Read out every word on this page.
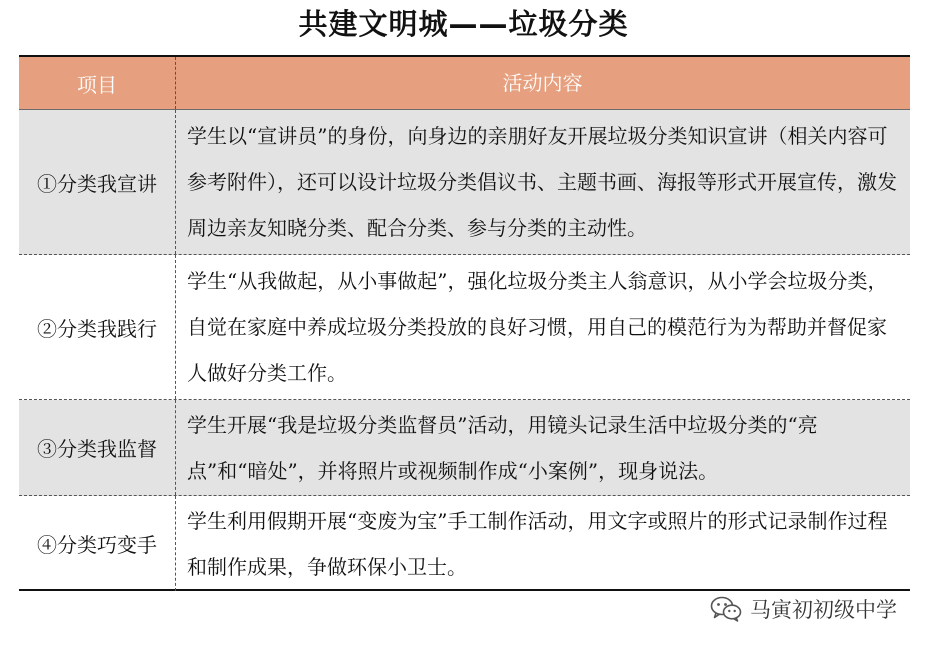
共建文明城——垃圾分类
项目	活动内容
①分类我宣讲
学生以“宣讲员”的身份，向身边的亲朋好友开展垃圾分类知识宣讲（相关内容可参考附件），还可以设计垃圾分类倡议书、主题书画、海报等形式开展宣传，激发周边亲友知晓分类、配合分类、参与分类的主动性。
②分类我践行
学生“从我做起，从小事做起”，强化垃圾分类主人翁意识，从小学会垃圾分类，自觉在家庭中养成垃圾分类投放的良好习惯，用自己的模范行为为帮助并督促家人做好分类工作。
③分类我监督
学生开展“我是垃圾分类监督员”活动，用镜头记录生活中垃圾分类的“亮点”和“暗处”，并将照片或视频制作成“小案例”，现身说法。
④分类巧变手
学生利用假期开展“变废为宝”手工制作活动，用文字或照片的形式记录制作过程和制作成果，争做环保小卫士。
马寅初初级中学
